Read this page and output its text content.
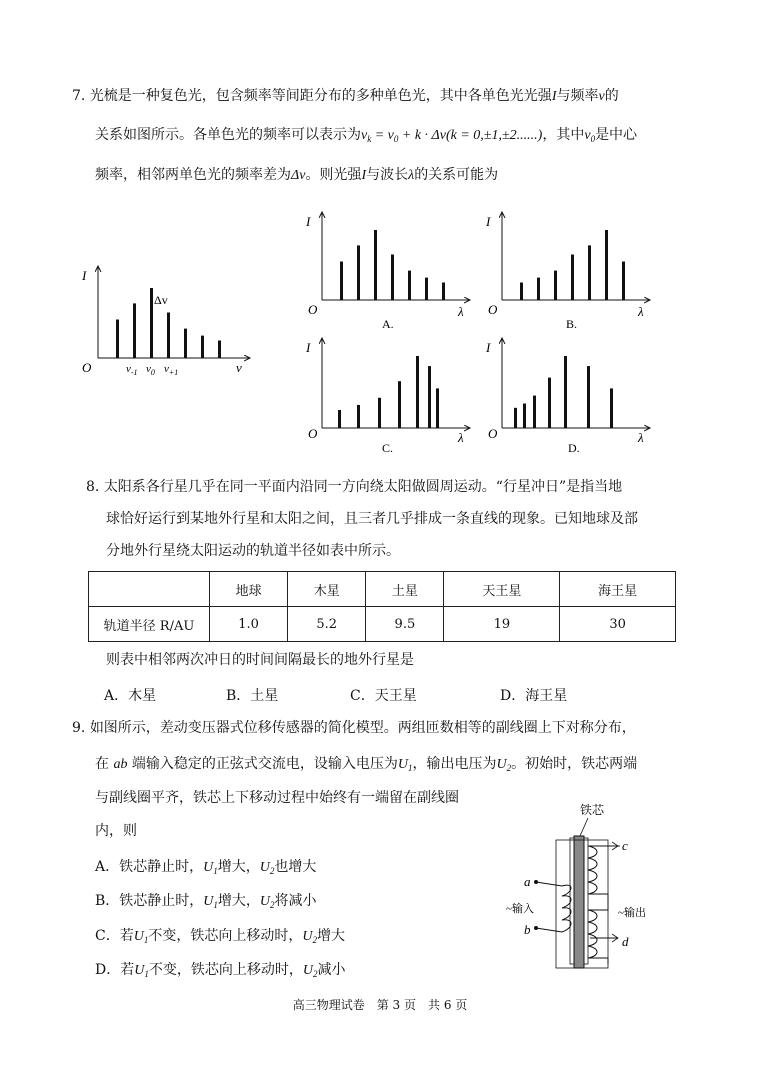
7. 光梳是一种复色光，包含频率等间距分布的多种单色光，其中各单色光光强I与频率v的
关系如图所示。各单色光的频率可以表示为$v_k = v_0 + k \cdot \Delta v(k = 0,\pm 1,\pm 2......)$，其中$v_0$是中心
频率，相邻两单色光的频率差为Δv。则光强I与波长λ的关系可能为
I
O	v
Δv
$v_{-1}$ $v_0$ $v_{+1}$
I
O	λ
A.
I
O	λ
B.
I
O	λ
C.
I
O	λ
D.
8. 太阳系各行星几乎在同一平面内沿同一方向绕太阳做圆周运动。“行星冲日”是指当地
球恰好运行到某地外行星和太阳之间，且三者几乎排成一条直线的现象。已知地球及部
分地外行星绕太阳运动的轨道半径如表中所示。
	地球	木星	土星	天王星	海王星
轨道半径 R/AU	1.0	5.2	9.5	19	30
则表中相邻两次冲日的时间间隔最长的地外行星是
A．木星	B．土星	C．天王星	D．海王星
9. 如图所示，差动变压器式位移传感器的简化模型。两组匝数相等的副线圈上下对称分布，
在 ab 端输入稳定的正弦式交流电，设输入电压为$U_1$，输出电压为$U_2$。初始时，铁芯两端
与副线圈平齐，铁芯上下移动过程中始终有一端留在副线圈
内，则
A．铁芯静止时，$U_1$增大，$U_2$也增大
B．铁芯静止时，$U_1$增大，$U_2$将减小
C．若$U_1$不变，铁芯向上移动时，$U_2$增大
D．若$U_1$不变，铁芯向上移动时，$U_2$减小
铁芯
a
b
~输入
c
d
~输出
高三物理试卷　第 3 页　共 6 页
